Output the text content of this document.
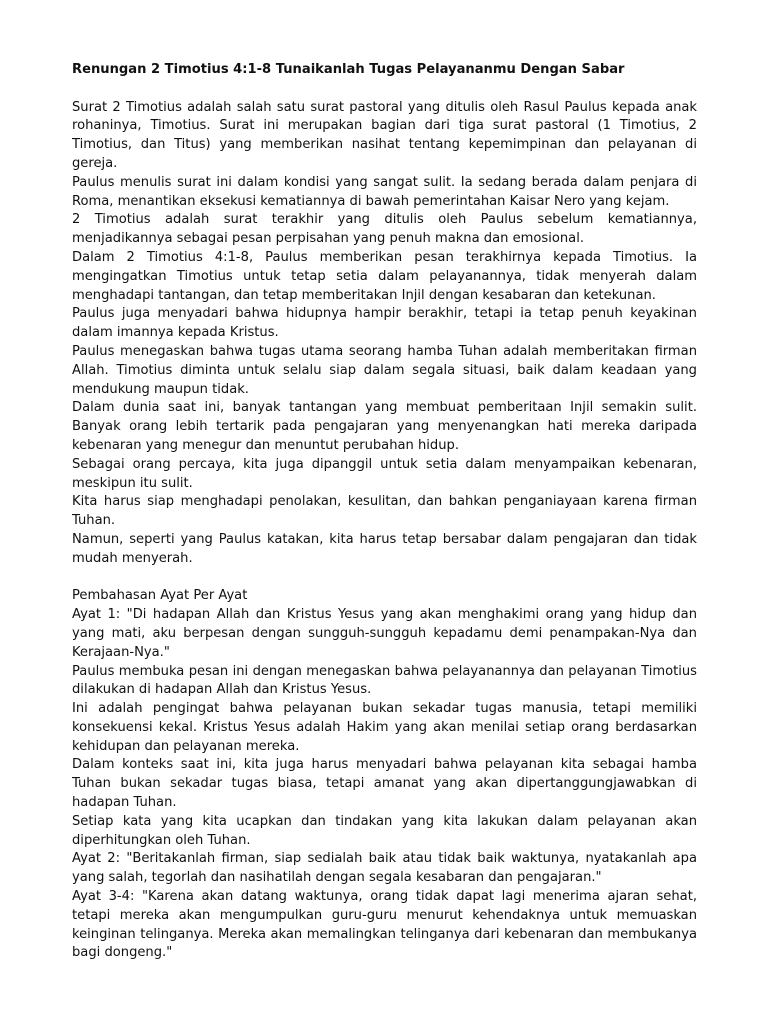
Renungan 2 Timotius 4:1-8 Tunaikanlah Tugas Pelayananmu Dengan Sabar

Surat 2 Timotius adalah salah satu surat pastoral yang ditulis oleh Rasul Paulus kepada anak rohaninya, Timotius. Surat ini merupakan bagian dari tiga surat pastoral (1 Timotius, 2 Timotius, dan Titus) yang memberikan nasihat tentang kepemimpinan dan pelayanan di gereja.

Paulus menulis surat ini dalam kondisi yang sangat sulit. Ia sedang berada dalam penjara di Roma, menantikan eksekusi kematiannya di bawah pemerintahan Kaisar Nero yang kejam.

2 Timotius adalah surat terakhir yang ditulis oleh Paulus sebelum kematiannya, menjadikannya sebagai pesan perpisahan yang penuh makna dan emosional.

Dalam 2 Timotius 4:1-8, Paulus memberikan pesan terakhirnya kepada Timotius. Ia mengingatkan Timotius untuk tetap setia dalam pelayanannya, tidak menyerah dalam menghadapi tantangan, dan tetap memberitakan Injil dengan kesabaran dan ketekunan.

Paulus juga menyadari bahwa hidupnya hampir berakhir, tetapi ia tetap penuh keyakinan dalam imannya kepada Kristus.

Paulus menegaskan bahwa tugas utama seorang hamba Tuhan adalah memberitakan firman Allah. Timotius diminta untuk selalu siap dalam segala situasi, baik dalam keadaan yang mendukung maupun tidak.

Dalam dunia saat ini, banyak tantangan yang membuat pemberitaan Injil semakin sulit. Banyak orang lebih tertarik pada pengajaran yang menyenangkan hati mereka daripada kebenaran yang menegur dan menuntut perubahan hidup.

Sebagai orang percaya, kita juga dipanggil untuk setia dalam menyampaikan kebenaran, meskipun itu sulit.

Kita harus siap menghadapi penolakan, kesulitan, dan bahkan penganiayaan karena firman Tuhan.

Namun, seperti yang Paulus katakan, kita harus tetap bersabar dalam pengajaran dan tidak mudah menyerah.

Pembahasan Ayat Per Ayat

Ayat 1: "Di hadapan Allah dan Kristus Yesus yang akan menghakimi orang yang hidup dan yang mati, aku berpesan dengan sungguh-sungguh kepadamu demi penampakan-Nya dan Kerajaan-Nya."

Paulus membuka pesan ini dengan menegaskan bahwa pelayanannya dan pelayanan Timotius dilakukan di hadapan Allah dan Kristus Yesus.

Ini adalah pengingat bahwa pelayanan bukan sekadar tugas manusia, tetapi memiliki konsekuensi kekal. Kristus Yesus adalah Hakim yang akan menilai setiap orang berdasarkan kehidupan dan pelayanan mereka.

Dalam konteks saat ini, kita juga harus menyadari bahwa pelayanan kita sebagai hamba Tuhan bukan sekadar tugas biasa, tetapi amanat yang akan dipertanggungjawabkan di hadapan Tuhan.

Setiap kata yang kita ucapkan dan tindakan yang kita lakukan dalam pelayanan akan diperhitungkan oleh Tuhan.

Ayat 2: "Beritakanlah firman, siap sedialah baik atau tidak baik waktunya, nyatakanlah apa yang salah, tegorlah dan nasihatilah dengan segala kesabaran dan pengajaran."

Ayat 3-4: "Karena akan datang waktunya, orang tidak dapat lagi menerima ajaran sehat, tetapi mereka akan mengumpulkan guru-guru menurut kehendaknya untuk memuaskan keinginan telinganya. Mereka akan memalingkan telinganya dari kebenaran dan membukanya bagi dongeng."
